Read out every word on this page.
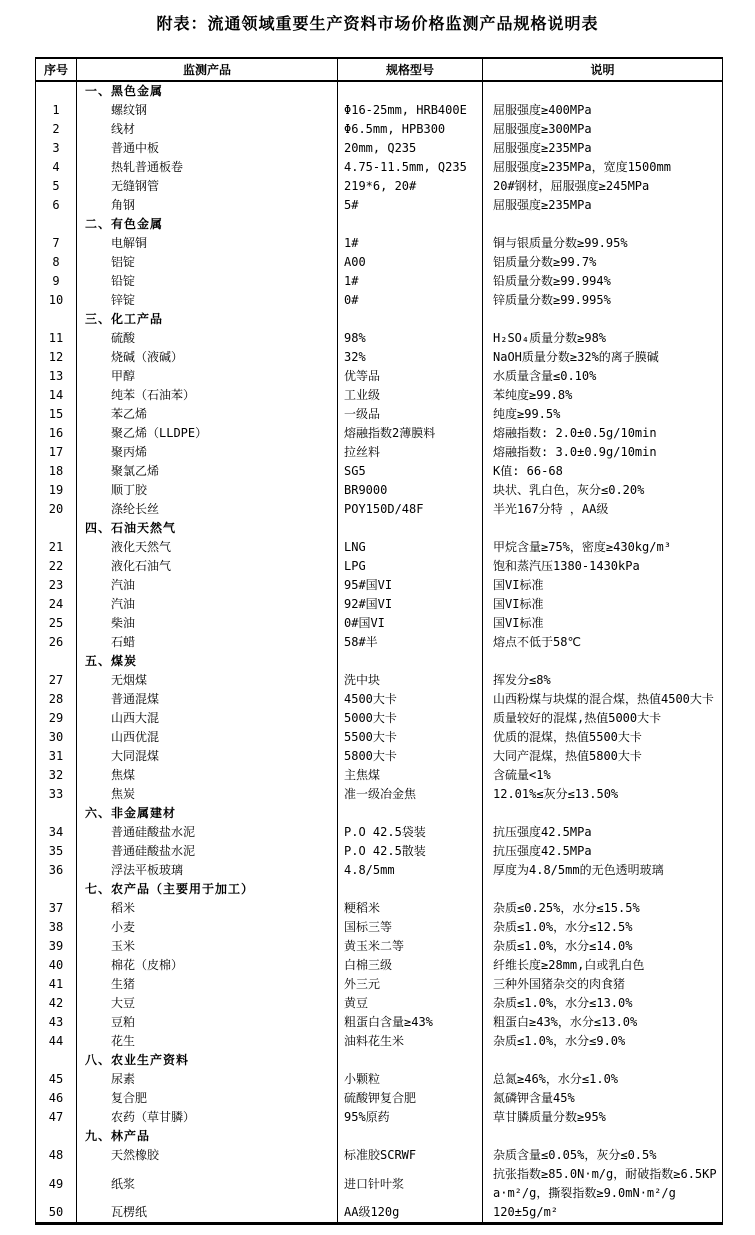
附表：流通领域重要生产资料市场价格监测产品规格说明表
序号	监测产品	规格型号	说明
	一、黑色金属		
1	螺纹钢	Φ16-25mm, HRB400E	屈服强度≥400MPa
2	线材	Φ6.5mm, HPB300	屈服强度≥300MPa
3	普通中板	20mm, Q235	屈服强度≥235MPa
4	热轧普通板卷	4.75-11.5mm, Q235	屈服强度≥235MPa，宽度1500mm
5	无缝钢管	219*6, 20#	20#钢材，屈服强度≥245MPa
6	角钢	5#	屈服强度≥235MPa
	二、有色金属		
7	电解铜	1#	铜与银质量分数≥99.95%
8	铝锭	A00	铝质量分数≥99.7%
9	铅锭	1#	铅质量分数≥99.994%
10	锌锭	0#	锌质量分数≥99.995%
	三、化工产品		
11	硫酸	98%	H₂SO₄质量分数≥98%
12	烧碱（液碱）	32%	NaOH质量分数≥32%的离子膜碱
13	甲醇	优等品	水质量含量≤0.10%
14	纯苯（石油苯）	工业级	苯纯度≥99.8%
15	苯乙烯	一级品	纯度≥99.5%
16	聚乙烯（LLDPE）	熔融指数2薄膜料	熔融指数: 2.0±0.5g/10min
17	聚丙烯	拉丝料	熔融指数: 3.0±0.9g/10min
18	聚氯乙烯	SG5	K值: 66-68
19	顺丁胶	BR9000	块状、乳白色，灰分≤0.20%
20	涤纶长丝	POY150D/48F	半光167分特 ，AA级
	四、石油天然气		
21	液化天然气	LNG	甲烷含量≥75%，密度≥430kg/m³
22	液化石油气	LPG	饱和蒸汽压1380-1430kPa
23	汽油	95#国VI	国VI标准
24	汽油	92#国VI	国VI标准
25	柴油	0#国VI	国VI标准
26	石蜡	58#半	熔点不低于58℃
	五、煤炭		
27	无烟煤	洗中块	挥发分≤8%
28	普通混煤	4500大卡	山西粉煤与块煤的混合煤，热值4500大卡
29	山西大混	5000大卡	质量较好的混煤,热值5000大卡
30	山西优混	5500大卡	优质的混煤，热值5500大卡
31	大同混煤	5800大卡	大同产混煤，热值5800大卡
32	焦煤	主焦煤	含硫量<1%
33	焦炭	准一级冶金焦	12.01%≤灰分≤13.50%
	六、非金属建材		
34	普通硅酸盐水泥	P.O 42.5袋装	抗压强度42.5MPa
35	普通硅酸盐水泥	P.O 42.5散装	抗压强度42.5MPa
36	浮法平板玻璃	4.8/5mm	厚度为4.8/5mm的无色透明玻璃
	七、农产品（主要用于加工）		
37	稻米	粳稻米	杂质≤0.25%，水分≤15.5%
38	小麦	国标三等	杂质≤1.0%，水分≤12.5%
39	玉米	黄玉米二等	杂质≤1.0%，水分≤14.0%
40	棉花（皮棉）	白棉三级	纤维长度≥28mm,白或乳白色
41	生猪	外三元	三种外国猪杂交的肉食猪
42	大豆	黄豆	杂质≤1.0%，水分≤13.0%
43	豆粕	粗蛋白含量≥43%	粗蛋白≥43%，水分≤13.0%
44	花生	油料花生米	杂质≤1.0%，水分≤9.0%
	八、农业生产资料		
45	尿素	小颗粒	总氮≥46%，水分≤1.0%
46	复合肥	硫酸钾复合肥	氮磷钾含量45%
47	农药（草甘膦）	95%原药	草甘膦质量分数≥95%
	九、林产品		
48	天然橡胶	标准胶SCRWF	杂质含量≤0.05%，灰分≤0.5%
49	纸浆	进口针叶浆	抗张指数≥85.0N·m/g，耐破指数≥6.5KPa·m²/g，撕裂指数≥9.0mN·m²/g
50	瓦楞纸	AA级120g	120±5g/m²
